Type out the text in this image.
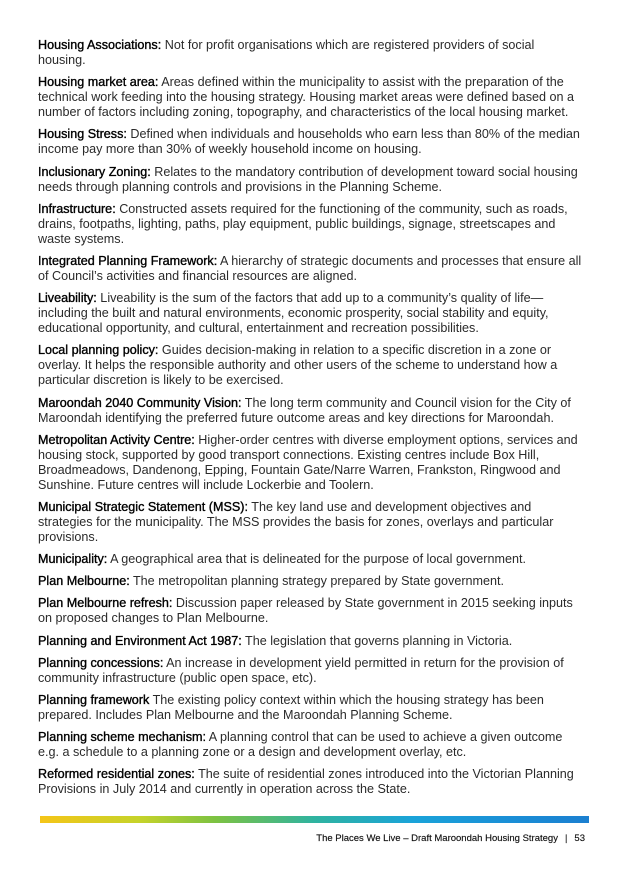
Housing Associations: Not for profit organisations which are registered providers of social housing.

Housing market area: Areas defined within the municipality to assist with the preparation of the technical work feeding into the housing strategy. Housing market areas were defined based on a number of factors including zoning, topography, and characteristics of the local housing market.

Housing Stress: Defined when individuals and households who earn less than 80% of the median income pay more than 30% of weekly household income on housing.

Inclusionary Zoning: Relates to the mandatory contribution of development toward social housing needs through planning controls and provisions in the Planning Scheme.

Infrastructure: Constructed assets required for the functioning of the community, such as roads, drains, footpaths, lighting, paths, play equipment, public buildings, signage, streetscapes and waste systems.

Integrated Planning Framework: A hierarchy of strategic documents and processes that ensure all of Council’s activities and financial resources are aligned.

Liveability: Liveability is the sum of the factors that add up to a community’s quality of life—including the built and natural environments, economic prosperity, social stability and equity, educational opportunity, and cultural, entertainment and recreation possibilities.

Local planning policy: Guides decision-making in relation to a specific discretion in a zone or overlay. It helps the responsible authority and other users of the scheme to understand how a particular discretion is likely to be exercised.

Maroondah 2040 Community Vision: The long term community and Council vision for the City of Maroondah identifying the preferred future outcome areas and key directions for Maroondah.

Metropolitan Activity Centre: Higher-order centres with diverse employment options, services and housing stock, supported by good transport connections. Existing centres include Box Hill, Broadmeadows, Dandenong, Epping, Fountain Gate/Narre Warren, Frankston, Ringwood and Sunshine. Future centres will include Lockerbie and Toolern.

Municipal Strategic Statement (MSS): The key land use and development objectives and strategies for the municipality. The MSS provides the basis for zones, overlays and particular provisions.

Municipality: A geographical area that is delineated for the purpose of local government.

Plan Melbourne: The metropolitan planning strategy prepared by State government.

Plan Melbourne refresh: Discussion paper released by State government in 2015 seeking inputs on proposed changes to Plan Melbourne.

Planning and Environment Act 1987: The legislation that governs planning in Victoria.

Planning concessions: An increase in development yield permitted in return for the provision of community infrastructure (public open space, etc).

Planning framework The existing policy context within which the housing strategy has been prepared. Includes Plan Melbourne and the Maroondah Planning Scheme.

Planning scheme mechanism: A planning control that can be used to achieve a given outcome e.g. a schedule to a planning zone or a design and development overlay, etc.

Reformed residential zones: The suite of residential zones introduced into the Victorian Planning Provisions in July 2014 and currently in operation across the State.

The Places We Live – Draft Maroondah Housing Strategy | 53
